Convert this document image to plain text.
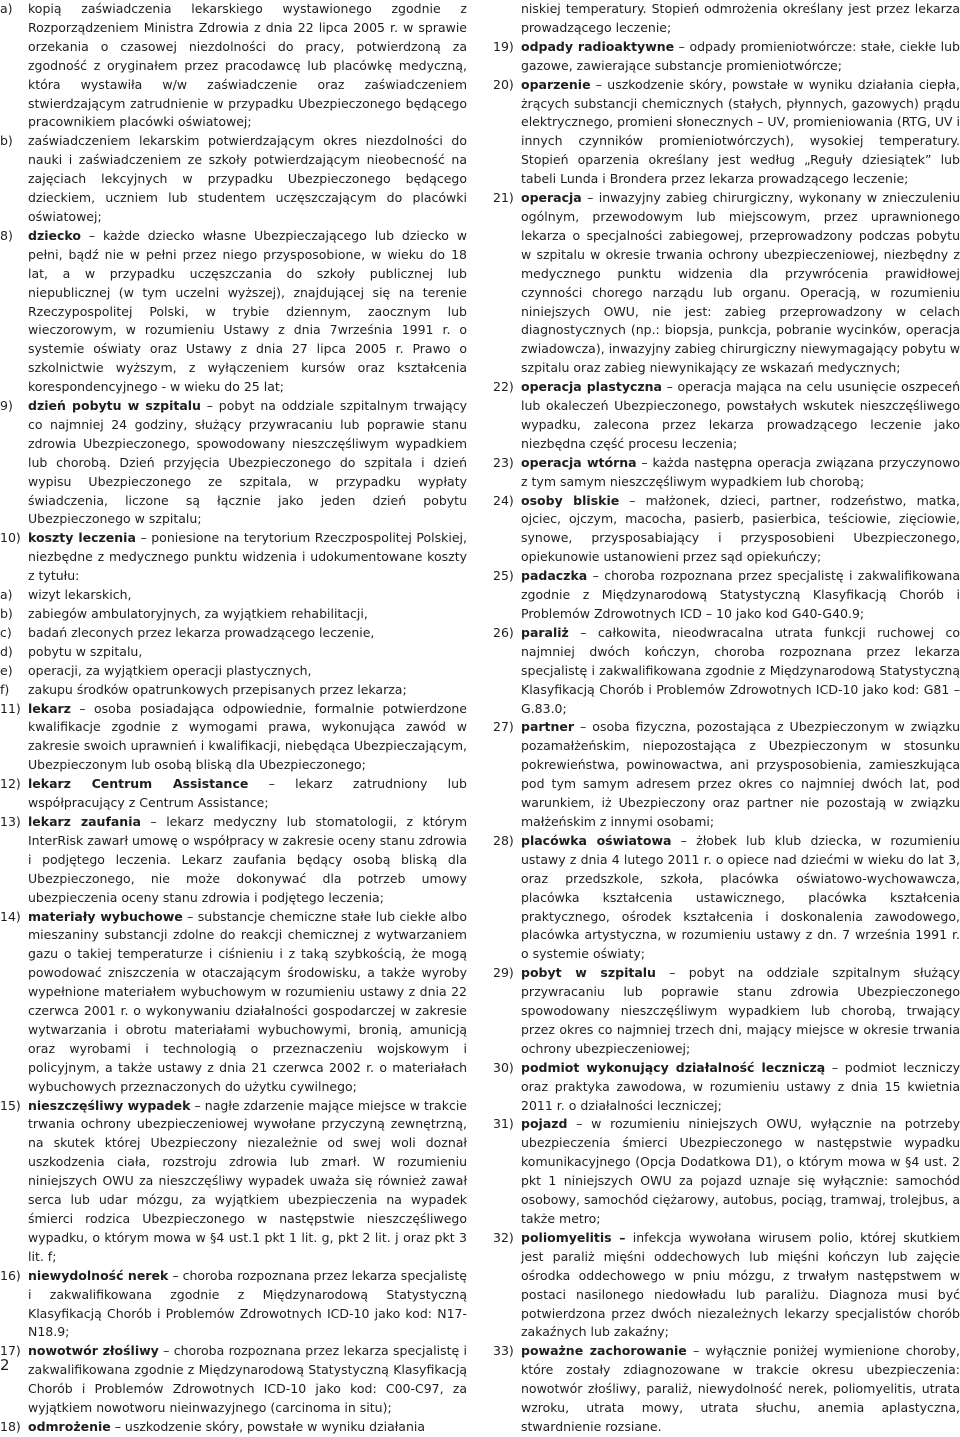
a)	kopią zaświadczenia lekarskiego wystawionego zgodnie z Rozporządzeniem Ministra Zdrowia z dnia 22 lipca 2005 r. w sprawie orzekania o czasowej niezdolności do pracy, potwierdzoną za zgodność z oryginałem przez pracodawcę lub placówkę medyczną, która wystawiła w/w zaświadczenie oraz zaświadczeniem stwierdzającym zatrudnienie w przypadku Ubezpieczonego będącego pracownikiem placówki oświatowej;
b)	zaświadczeniem lekarskim potwierdzającym okres niezdolności do nauki i zaświadczeniem ze szkoły potwierdzającym nieobecność na zajęciach lekcyjnych w przypadku Ubezpieczonego będącego dzieckiem, uczniem lub studentem uczęszczającym do placówki oświatowej;
8)	dziecko – każde dziecko własne Ubezpieczającego lub dziecko w pełni, bądź nie w pełni przez niego przysposobione, w wieku do 18 lat, a w przypadku uczęszczania do szkoły publicznej lub niepublicznej (w tym uczelni wyższej), znajdującej się na terenie Rzeczypospolitej Polski, w trybie dziennym, zaocznym lub wieczorowym, w rozumieniu Ustawy z dnia 7września 1991 r. o systemie oświaty oraz Ustawy z dnia 27 lipca 2005 r. Prawo o szkolnictwie wyższym, z wyłączeniem kursów oraz kształcenia korespondencyjnego - w wieku do 25 lat;
9)	dzień pobytu w szpitalu – pobyt na oddziale szpitalnym trwający co najmniej 24 godziny, służący przywracaniu lub poprawie stanu zdrowia Ubezpieczonego, spowodowany nieszczęśliwym wypadkiem lub chorobą. Dzień przyjęcia Ubezpieczonego do szpitala i dzień wypisu Ubezpieczonego ze szpitala, w przypadku wypłaty świadczenia, liczone są łącznie jako jeden dzień pobytu Ubezpieczonego w szpitalu;
10) koszty leczenia – poniesione na terytorium Rzeczpospolitej Polskiej, niezbędne z medycznego punktu widzenia i udokumentowane koszty z tytułu:
a)	wizyt lekarskich,
b)	zabiegów ambulatoryjnych, za wyjątkiem rehabilitacji,
c)	badań zleconych przez lekarza prowadzącego leczenie,
d)	pobytu w szpitalu,
e)	operacji, za wyjątkiem operacji plastycznych,
f)	zakupu środków opatrunkowych przepisanych przez lekarza;
11) lekarz – osoba posiadająca odpowiednie, formalnie potwierdzone kwalifikacje zgodnie z wymogami prawa, wykonująca zawód w zakresie swoich uprawnień i kwalifikacji, niebędąca Ubezpieczającym, Ubezpieczonym lub osobą bliską dla Ubezpieczonego;
12) lekarz Centrum Assistance – lekarz zatrudniony lub współpracujący z Centrum Assistance;
13) lekarz zaufania – lekarz medyczny lub stomatologii, z którym InterRisk zawarł umowę o współpracy w zakresie oceny stanu zdrowia i podjętego leczenia. Lekarz zaufania będący osobą bliską dla Ubezpieczonego, nie może dokonywać dla potrzeb umowy ubezpieczenia oceny stanu zdrowia i podjętego leczenia;
14) materiały wybuchowe – substancje chemiczne stałe lub ciekłe albo mieszaniny substancji zdolne do reakcji chemicznej z wytwarzaniem gazu o takiej temperaturze i ciśnieniu i z taką szybkością, że mogą powodować zniszczenia w otaczającym środowisku, a także wyroby wypełnione materiałem wybuchowym w rozumieniu ustawy z dnia 22 czerwca 2001 r. o wykonywaniu działalności gospodarczej w zakresie wytwarzania i obrotu materiałami wybuchowymi, bronią, amunicją oraz wyrobami i technologią o przeznaczeniu wojskowym i policyjnym, a także ustawy z dnia 21 czerwca 2002 r. o materiałach wybuchowych przeznaczonych do użytku cywilnego;
15) nieszczęśliwy wypadek – nagłe zdarzenie mające miejsce w trakcie trwania ochrony ubezpieczeniowej wywołane przyczyną zewnętrzną, na skutek której Ubezpieczony niezależnie od swej woli doznał uszkodzenia ciała, rozstroju zdrowia lub zmarł. W rozumieniu niniejszych OWU za nieszczęśliwy wypadek uważa się również zawał serca lub udar mózgu, za wyjątkiem ubezpieczenia na wypadek śmierci rodzica Ubezpieczonego w następstwie nieszczęśliwego wypadku, o którym mowa w §4 ust.1 pkt 1 lit. g, pkt 2 lit. j oraz pkt 3 lit. f;
16) niewydolność nerek – choroba rozpoznana przez lekarza specjalistę i zakwalifikowana zgodnie z Międzynarodową Statystyczną Klasyfikacją Chorób i Problemów Zdrowotnych ICD-10 jako kod: N17-N18.9;
17) nowotwór złośliwy – choroba rozpoznana przez lekarza specjalistę i zakwalifikowana zgodnie z Międzynarodową Statystyczną Klasyfikacją Chorób i Problemów Zdrowotnych ICD-10 jako kod: C00-C97, za wyjątkiem nowotworu nieinwazyjnego (carcinoma in situ);
18) odmrożenie – uszkodzenie skóry, powstałe w wyniku działania
niskiej temperatury. Stopień odmrożenia określany jest przez lekarza prowadzącego leczenie;
19) odpady radioaktywne – odpady promieniotwórcze: stałe, ciekłe lub gazowe, zawierające substancje promieniotwórcze;
20) oparzenie – uszkodzenie skóry, powstałe w wyniku działania ciepła, żrących substancji chemicznych (stałych, płynnych, gazowych) prądu elektrycznego, promieni słonecznych – UV, promieniowania (RTG, UV i innych czynników promieniotwórczych), wysokiej temperatury. Stopień oparzenia określany jest według „Reguły dziesiątek” lub tabeli Lunda i Brondera przez lekarza prowadzącego leczenie;
21) operacja – inwazyjny zabieg chirurgiczny, wykonany w znieczuleniu ogólnym, przewodowym lub miejscowym, przez uprawnionego lekarza o specjalności zabiegowej, przeprowadzony podczas pobytu w szpitalu w okresie trwania ochrony ubezpieczeniowej, niezbędny z medycznego punktu widzenia dla przywrócenia prawidłowej czynności chorego narządu lub organu. Operacją, w rozumieniu niniejszych OWU, nie jest: zabieg przeprowadzony w celach diagnostycznych (np.: biopsja, punkcja, pobranie wycinków, operacja zwiadowcza), inwazyjny zabieg chirurgiczny niewymagający pobytu w szpitalu oraz zabieg niewynikający ze wskazań medycznych;
22) operacja plastyczna – operacja mająca na celu usunięcie oszpeceń lub okaleczeń Ubezpieczonego, powstałych wskutek nieszczęśliwego wypadku, zalecona przez lekarza prowadzącego leczenie jako niezbędna część procesu leczenia;
23) operacja wtórna – każda następna operacja związana przyczynowo z tym samym nieszczęśliwym wypadkiem lub chorobą;
24) osoby bliskie – małżonek, dzieci, partner, rodzeństwo, matka, ojciec, ojczym, macocha, pasierb, pasierbica, teściowie, zięciowie, synowe, przysposabiający i przysposobieni Ubezpieczonego, opiekunowie ustanowieni przez sąd opiekuńczy;
25) padaczka – choroba rozpoznana przez specjalistę i zakwalifikowana zgodnie z Międzynarodową Statystyczną Klasyfikacją Chorób i Problemów Zdrowotnych ICD – 10 jako kod G40-G40.9;
26) paraliż – całkowita, nieodwracalna utrata funkcji ruchowej co najmniej dwóch kończyn, choroba rozpoznana przez lekarza specjalistę i zakwalifikowana zgodnie z Międzynarodową Statystyczną Klasyfikacją Chorób i Problemów Zdrowotnych ICD-10 jako kod: G81 – G.83.0;
27) partner – osoba fizyczna, pozostająca z Ubezpieczonym w związku pozamałżeńskim, niepozostająca z Ubezpieczonym w stosunku pokrewieństwa, powinowactwa, ani przysposobienia, zamieszkująca pod tym samym adresem przez okres co najmniej dwóch lat, pod warunkiem, iż Ubezpieczony oraz partner nie pozostają w związku małżeńskim z innymi osobami;
28) placówka oświatowa – żłobek lub klub dziecka, w rozumieniu ustawy z dnia 4 lutego 2011 r. o opiece nad dziećmi w wieku do lat 3, oraz przedszkole, szkoła, placówka oświatowo-wychowawcza, placówka kształcenia ustawicznego, placówka kształcenia praktycznego, ośrodek kształcenia i doskonalenia zawodowego, placówka artystyczna, w rozumieniu ustawy z dn. 7 września 1991 r. o systemie oświaty;
29) pobyt w szpitalu – pobyt na oddziale szpitalnym służący przywracaniu lub poprawie stanu zdrowia Ubezpieczonego spowodowany nieszczęśliwym wypadkiem lub chorobą, trwający przez okres co najmniej trzech dni, mający miejsce w okresie trwania ochrony ubezpieczeniowej;
30) podmiot wykonujący działalność leczniczą – podmiot leczniczy oraz praktyka zawodowa, w rozumieniu ustawy z dnia 15 kwietnia 2011 r. o działalności leczniczej;
31) pojazd – w rozumieniu niniejszych OWU, wyłącznie na potrzeby ubezpieczenia śmierci Ubezpieczonego w następstwie wypadku komunikacyjnego (Opcja Dodatkowa D1), o którym mowa w §4 ust. 2 pkt 1 niniejszych OWU za pojazd uznaje się wyłącznie: samochód osobowy, samochód ciężarowy, autobus, pociąg, tramwaj, trolejbus, a także metro;
32) poliomyelitis – infekcja wywołana wirusem polio, której skutkiem jest paraliż mięśni oddechowych lub mięśni kończyn lub zajęcie ośrodka oddechowego w pniu mózgu, z trwałym następstwem w postaci nasilonego niedowładu lub paraliżu. Diagnoza musi być potwierdzona przez dwóch niezależnych lekarzy specjalistów chorób zakaźnych lub zakaźny;
33) poważne zachorowanie – wyłącznie poniżej wymienione choroby, które zostały zdiagnozowane w trakcie okresu ubezpieczenia: nowotwór złośliwy, paraliż, niewydolność nerek, poliomyelitis, utrata wzroku, utrata mowy, utrata słuchu, anemia aplastyczna, stwardnienie rozsiane.
2
